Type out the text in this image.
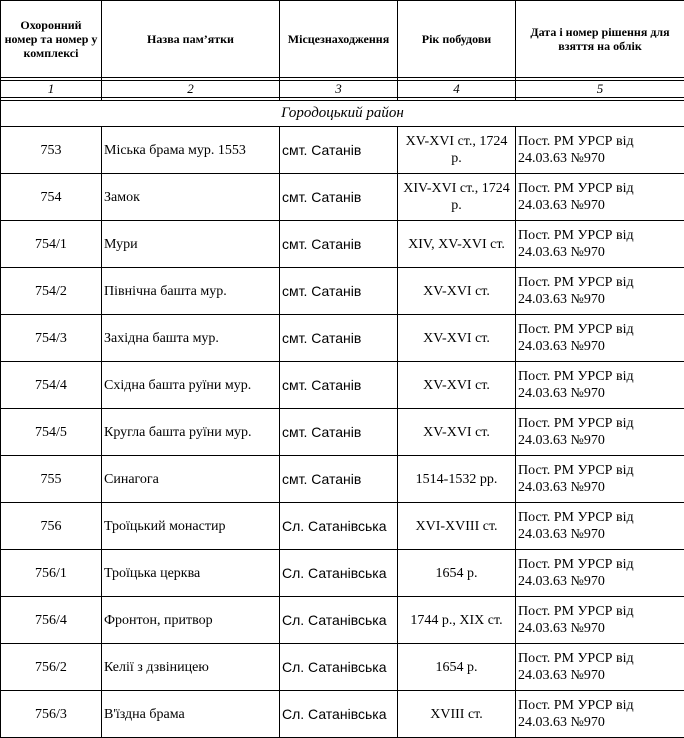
Охоронний номер та номер у комплексі	Назва пам’ятки	Місцезнаходження	Рік побудови	Дата і номер рішення для взяття на облік

1	2	3	4	5

Городоцький район				
753	Міська брама мур. 1553	смт. Сатанів	XV-XVI ст., 1724 р.	Пост. РМ УРСР від 24.03.63 №970
754	Замок	смт. Сатанів	XIV-XVI ст., 1724 р.	Пост. РМ УРСР від 24.03.63 №970
754/1	Мури	смт. Сатанів	XIV, XV-XVI ст.	Пост. РМ УРСР від 24.03.63 №970
754/2	Північна башта мур.	смт. Сатанів	XV-XVI ст.	Пост. РМ УРСР від 24.03.63 №970
754/3	Західна башта мур.	смт. Сатанів	XV-XVI ст.	Пост. РМ УРСР від 24.03.63 №970
754/4	Східна башта руїни мур.	смт. Сатанів	XV-XVI ст.	Пост. РМ УРСР від 24.03.63 №970
754/5	Кругла башта руїни мур.	смт. Сатанів	XV-XVI ст.	Пост. РМ УРСР від 24.03.63 №970
755	Синагога	смт. Сатанів	1514-1532 рр.	Пост. РМ УРСР від 24.03.63 №970
756	Троїцький монастир	Сл. Сатанівська	XVI-XVIII ст.	Пост. РМ УРСР від 24.03.63 №970
756/1	Троїцька церква	Сл. Сатанівська	1654 р.	Пост. РМ УРСР від 24.03.63 №970
756/4	Фронтон, притвор	Сл. Сатанівська	1744 р., XIX ст.	Пост. РМ УРСР від 24.03.63 №970
756/2	Келії з дзвіницею	Сл. Сатанівська	1654 р.	Пост. РМ УРСР від 24.03.63 №970
756/3	В'їздна брама	Сл. Сатанівська	XVIII ст.	Пост. РМ УРСР від 24.03.63 №970
